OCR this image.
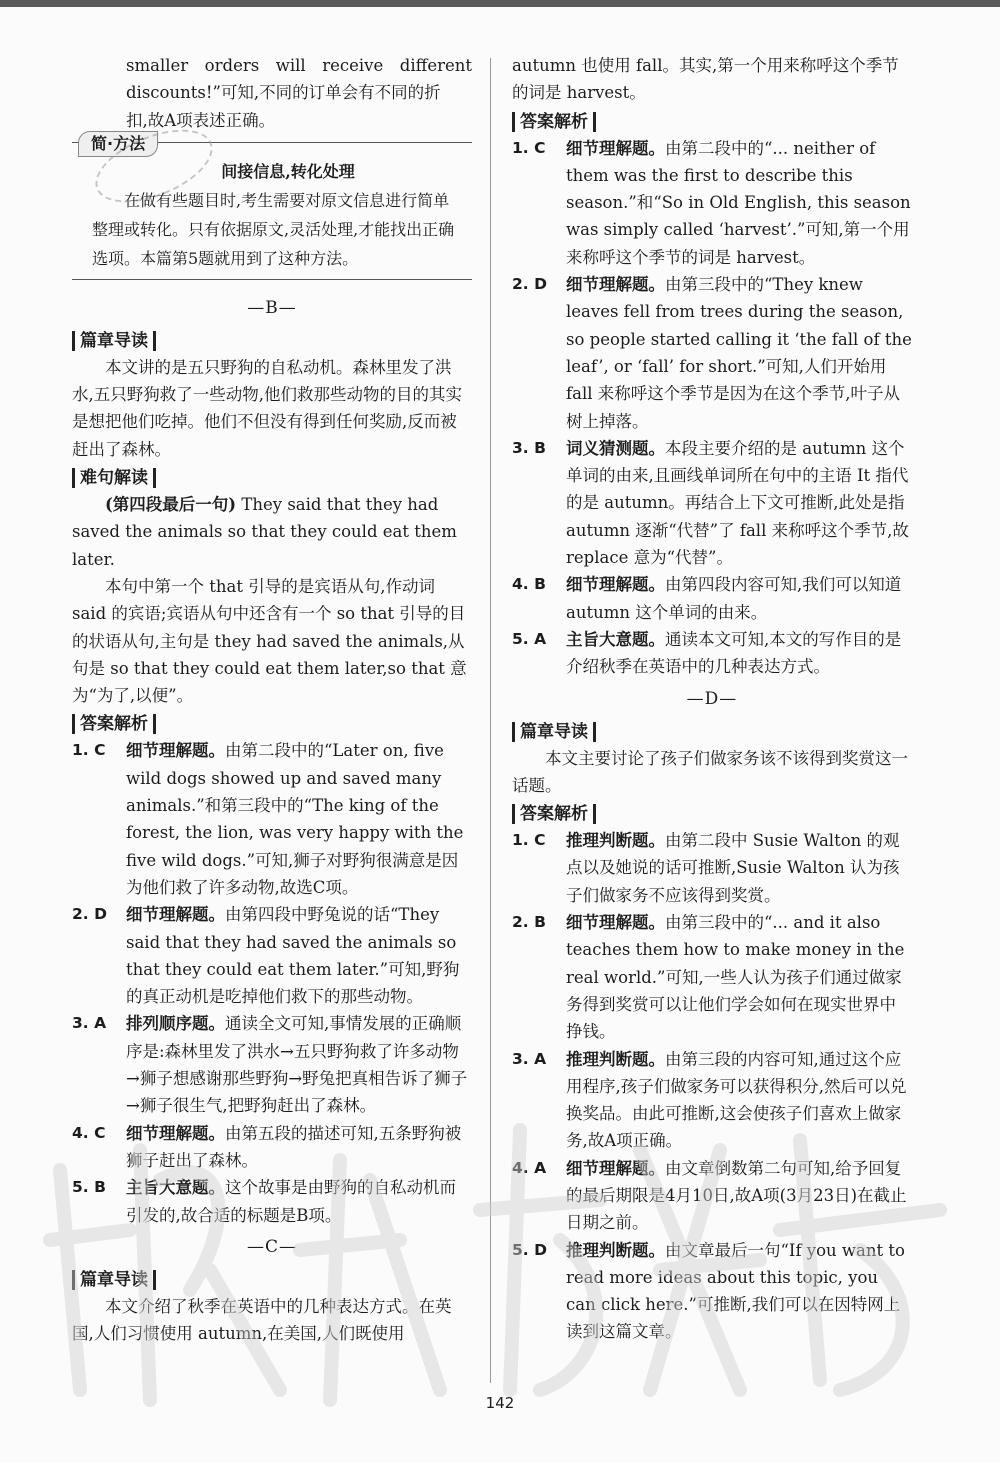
smaller orders will receive different

discounts!”可知,不同的订单会有不同的折

扣,故A项表述正确。

简·方法

间接信息,转化处理

在做有些题目时,考生需要对原文信息进行简单整理或转化。只有依据原文,灵活处理,才能找出正确选项。本篇第5题就用到了这种方法。

—B—
篇章导读

本文讲的是五只野狗的自私动机。森林里发了洪水,五只野狗救了一些动物,他们救那些动物的目的其实是想把他们吃掉。他们不但没有得到任何奖励,反而被赶出了森林。

难句解读

(第四段最后一句) They said that they had saved the animals so that they could eat them later.

本句中第一个 that 引导的是宾语从句,作动词 said 的宾语;宾语从句中还含有一个 so that 引导的目的状语从句,主句是 they had saved the animals,从句是 so that they could eat them later,so that 意为“为了,以便”。

答案解析
1. C	细节理解题。由第二段中的“Later on, five wild dogs showed up and saved many animals.”和第三段中的“The king of the forest, the lion, was very happy with the five wild dogs.”可知,狮子对野狗很满意是因为他们救了许多动物,故选C项。
2. D	细节理解题。由第四段中野兔说的话“They said that they had saved the animals so that they could eat them later.”可知,野狗的真正动机是吃掉他们救下的那些动物。
3. A	排列顺序题。通读全文可知,事情发展的正确顺序是:森林里发了洪水→五只野狗救了许多动物→狮子想感谢那些野狗→野兔把真相告诉了狮子→狮子很生气,把野狗赶出了森林。
4. C	细节理解题。由第五段的描述可知,五条野狗被狮子赶出了森林。
5. B	主旨大意题。这个故事是由野狗的自私动机而引发的,故合适的标题是B项。
—C—
篇章导读

本文介绍了秋季在英语中的几种表达方式。在英国,人们习惯使用 autumn,在美国,人们既使用

autumn 也使用 fall。其实,第一个用来称呼这个季节的词是 harvest。

答案解析
1. C	细节理解题。由第二段中的“... neither of them was the first to describe this season.”和“So in Old English, this season was simply called ‘harvest’.”可知,第一个用来称呼这个季节的词是 harvest。
2. D	细节理解题。由第三段中的“They knew leaves fell from trees during the season, so people started calling it ‘the fall of the leaf’, or ‘fall’ for short.”可知,人们开始用 fall 来称呼这个季节是因为在这个季节,叶子从树上掉落。
3. B	词义猜测题。本段主要介绍的是 autumn 这个单词的由来,且画线单词所在句中的主语 It 指代的是 autumn。再结合上下文可推断,此处是指 autumn 逐渐“代替”了 fall 来称呼这个季节,故 replace 意为“代替”。
4. B	细节理解题。由第四段内容可知,我们可以知道 autumn 这个单词的由来。
5. A	主旨大意题。通读本文可知,本文的写作目的是介绍秋季在英语中的几种表达方式。
—D—
篇章导读

本文主要讨论了孩子们做家务该不该得到奖赏这一话题。

答案解析
1. C	推理判断题。由第二段中 Susie Walton 的观点以及她说的话可推断,Susie Walton 认为孩子们做家务不应该得到奖赏。
2. B	细节理解题。由第三段中的“... and it also teaches them how to make money in the real world.”可知,一些人认为孩子们通过做家务得到奖赏可以让他们学会如何在现实世界中挣钱。
3. A	推理判断题。由第三段的内容可知,通过这个应用程序,孩子们做家务可以获得积分,然后可以兑换奖品。由此可推断,这会使孩子们喜欢上做家务,故A项正确。
4. A	细节理解题。由文章倒数第二句可知,给予回复的最后期限是4月10日,故A项(3月23日)在截止日期之前。
5. D	推理判断题。由文章最后一句“If you want to read more ideas about this topic, you can click here.”可推断,我们可以在因特网上读到这篇文章。
142
